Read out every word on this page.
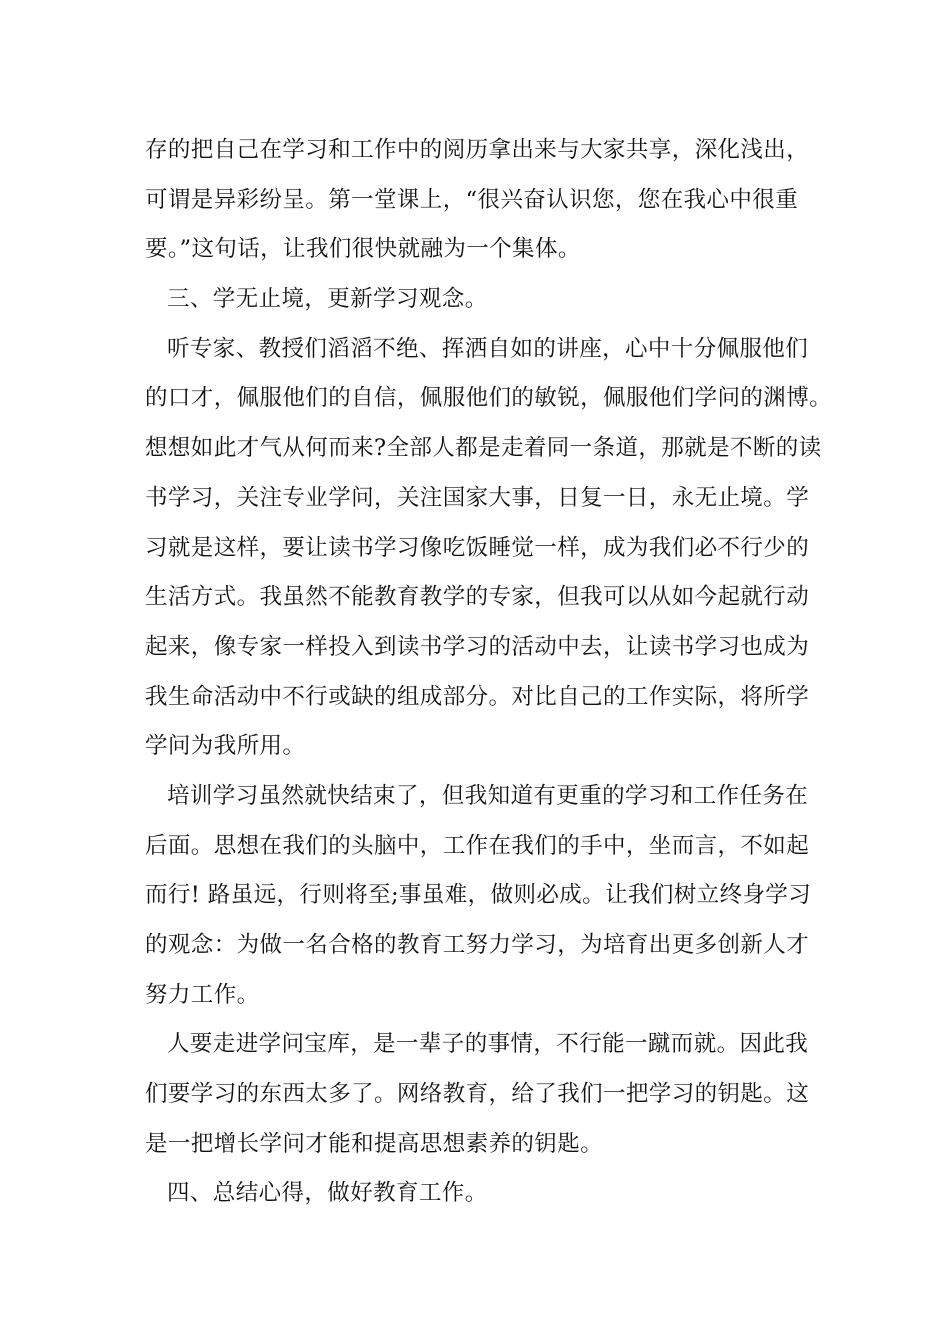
存的把自己在学习和工作中的阅历拿出来与大家共享，深化浅出，
可谓是异彩纷呈。第一堂课上，“很兴奋认识您，您在我心中很重
要。”这句话，让我们很快就融为一个集体。
三、学无止境，更新学习观念。
听专家、教授们滔滔不绝、挥洒自如的讲座，心中十分佩服他们
的口才，佩服他们的自信，佩服他们的敏锐，佩服他们学问的渊博。
想想如此才气从何而来?全部人都是走着同一条道，那就是不断的读
书学习，关注专业学问，关注国家大事，日复一日，永无止境。学
习就是这样，要让读书学习像吃饭睡觉一样，成为我们必不行少的
生活方式。我虽然不能教育教学的专家，但我可以从如今起就行动
起来，像专家一样投入到读书学习的活动中去，让读书学习也成为
我生命活动中不行或缺的组成部分。对比自己的工作实际，将所学
学问为我所用。
培训学习虽然就快结束了，但我知道有更重的学习和工作任务在
后面。思想在我们的头脑中，工作在我们的手中，坐而言，不如起
而行! 路虽远，行则将至;事虽难，做则必成。让我们树立终身学习
的观念：为做一名合格的教育工努力学习，为培育出更多创新人才
努力工作。
人要走进学问宝库，是一辈子的事情，不行能一蹴而就。因此我
们要学习的东西太多了。网络教育，给了我们一把学习的钥匙。这
是一把增长学问才能和提高思想素养的钥匙。
四、总结心得，做好教育工作。
